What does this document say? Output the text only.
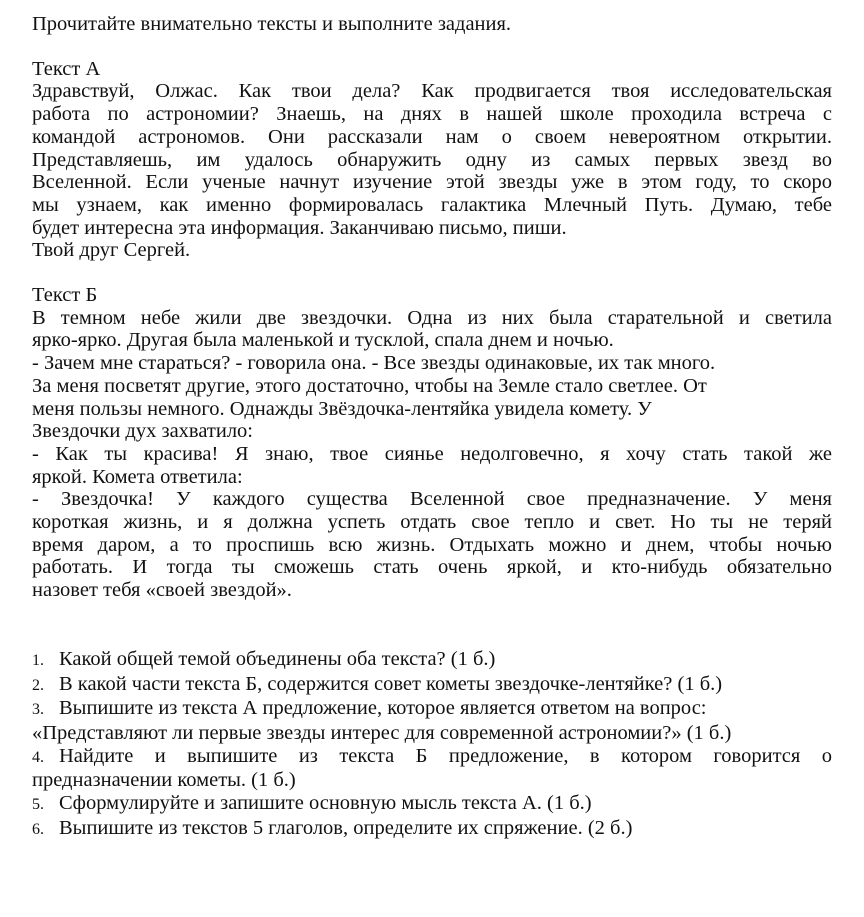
Прочитайте внимательно тексты и выполните задания.
Текст А
Здравствуй, Олжас. Как твои дела? Как продвигается твоя исследовательская
работа по астрономии? Знаешь, на днях в нашей школе проходила встреча с
командой астрономов. Они рассказали нам о своем невероятном открытии.
Представляешь, им удалось обнаружить одну из самых первых звезд во
Вселенной. Если ученые начнут изучение этой звезды уже в этом году, то скоро
мы узнаем, как именно формировалась галактика Млечный Путь. Думаю, тебе
будет интересна эта информация. Заканчиваю письмо, пиши.
Твой друг Сергей.
Текст Б
В темном небе жили две звездочки. Одна из них была старательной и светила
ярко-ярко. Другая была маленькой и тусклой, спала днем и ночью.
- Зачем мне стараться? - говорила она. - Все звезды одинаковые, их так много.
За меня посветят другие, этого достаточно, чтобы на Земле стало светлее. От
меня пользы немного. Однажды Звёздочка-лентяйка увидела комету. У
Звездочки дух захватило:
- Как ты красива! Я знаю, твое сиянье недолговечно, я хочу стать такой же
яркой. Комета ответила:
- Звездочка! У каждого существа Вселенной свое предназначение. У меня
короткая жизнь, и я должна успеть отдать свое тепло и свет. Но ты не теряй
время даром, а то проспишь всю жизнь. Отдыхать можно и днем, чтобы ночью
работать. И тогда ты сможешь стать очень яркой, и кто-нибудь обязательно
назовет тебя «своей звездой».
1. Какой общей темой объединены оба текста? (1 б.)
2. В какой части текста Б, содержится совет кометы звездочке-лентяйке? (1 б.)
3. Выпишите из текста А предложение, которое является ответом на вопрос:
«Представляют ли первые звезды интерес для современной астрономии?» (1 б.)
4. Найдите и выпишите из текста Б предложение, в котором говорится о
предназначении кометы. (1 б.)
5. Сформулируйте и запишите основную мысль текста А. (1 б.)
6. Выпишите из текстов 5 глаголов, определите их спряжение. (2 б.)
